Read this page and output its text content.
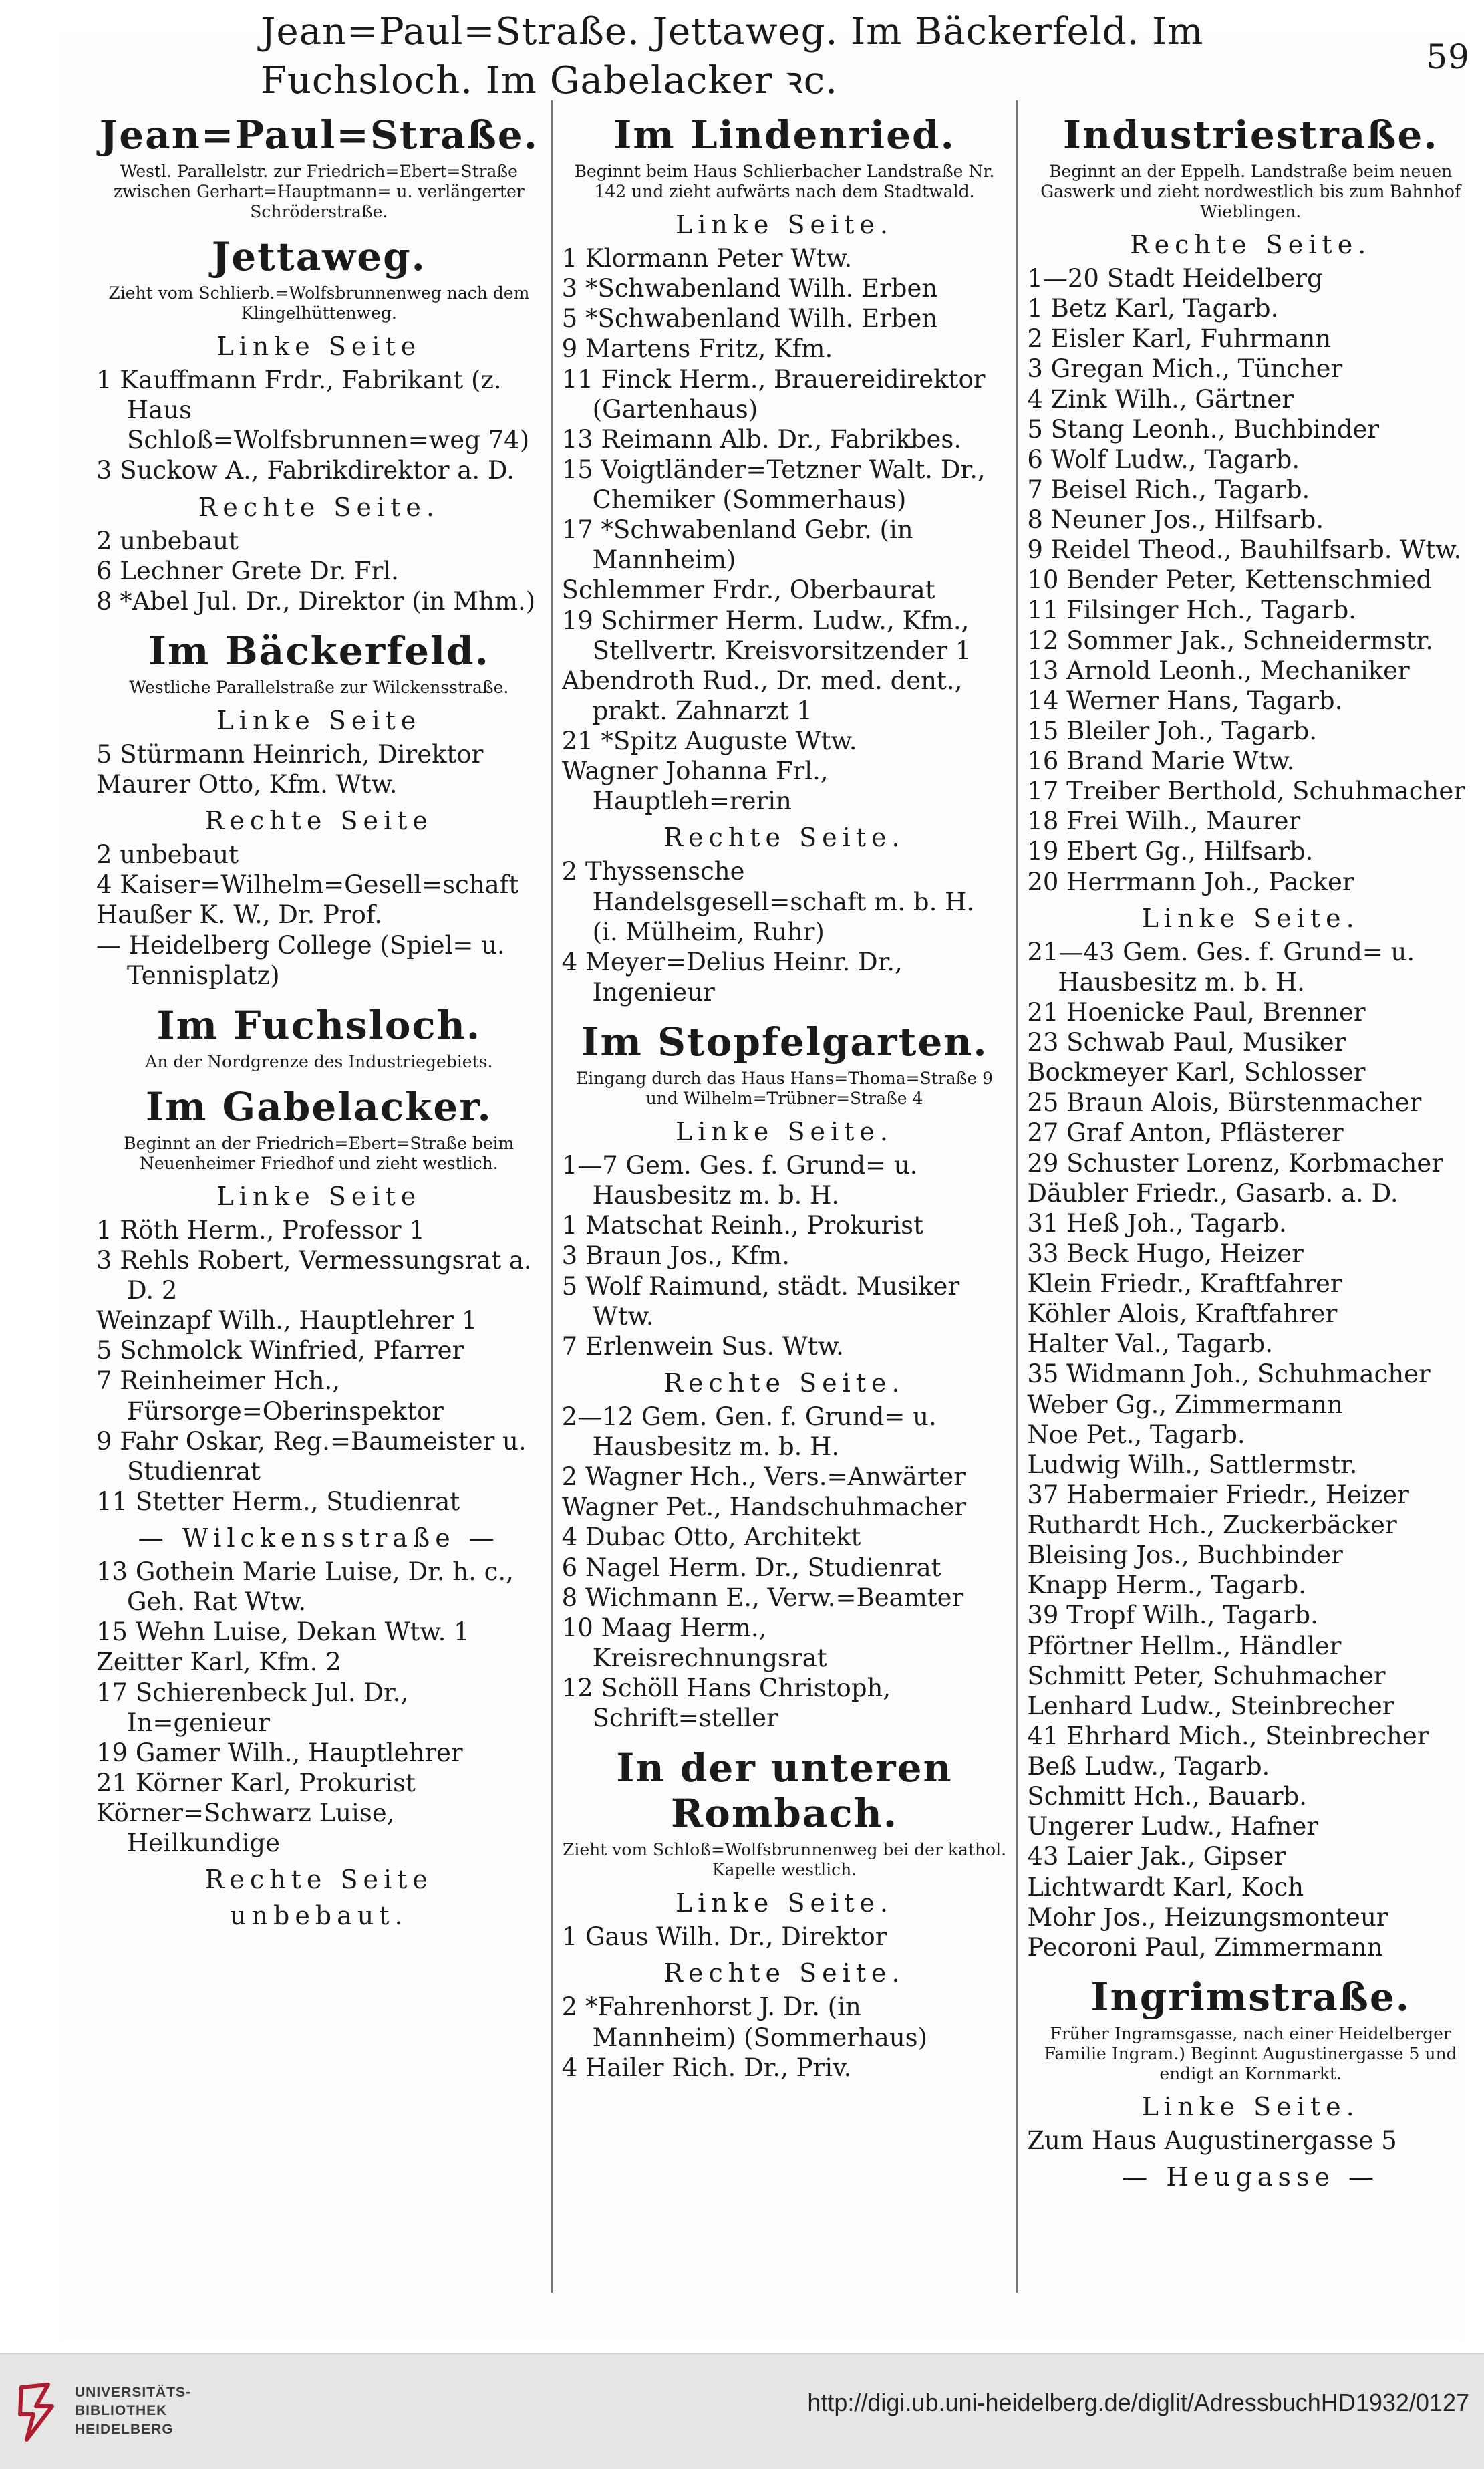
Jean=Paul=Straße. Jettaweg. Im Bäckerfeld. Im Fuchsloch. Im Gabelacker ꝛc.
59
Jean=Paul=Straße.
Westl. Parallelstr. zur Friedrich=Ebert=Straße zwischen Gerhart=Hauptmann= u. verlängerter Schröderstraße.
Jettaweg.
Zieht vom Schlierb.=Wolfsbrunnenweg nach dem Klingelhüttenweg.
Linke Seite
1 Kauffmann Frdr., Fabrikant (z. Haus Schloß=Wolfsbrunnen=weg 74)
3 Suckow A., Fabrikdirektor a. D.
Rechte Seite.
2 unbebaut
6 Lechner Grete Dr. Frl.
8 *Abel Jul. Dr., Direktor (in Mhm.)
Im Bäckerfeld.
Westliche Parallelstraße zur Wilckensstraße.
Linke Seite
5 Stürmann Heinrich, Direktor
Maurer Otto, Kfm. Wtw.
Rechte Seite
2 unbebaut
4 Kaiser=Wilhelm=Gesell=schaft
Haußer K. W., Dr. Prof.
— Heidelberg College (Spiel= u. Tennisplatz)
Im Fuchsloch.
An der Nordgrenze des Industriegebiets.
Im Gabelacker.
Beginnt an der Friedrich=Ebert=Straße beim Neuenheimer Friedhof und zieht westlich.
Linke Seite
1 Röth Herm., Professor 1
3 Rehls Robert, Vermessungsrat a. D. 2
Weinzapf Wilh., Hauptlehrer 1
5 Schmolck Winfried, Pfarrer
7 Reinheimer Hch., Fürsorge=Oberinspektor
9 Fahr Oskar, Reg.=Baumeister u. Studienrat
11 Stetter Herm., Studienrat
— Wilckensstraße —
13 Gothein Marie Luise, Dr. h. c., Geh. Rat Wtw.
15 Wehn Luise, Dekan Wtw. 1
Zeitter Karl, Kfm. 2
17 Schierenbeck Jul. Dr., In=genieur
19 Gamer Wilh., Hauptlehrer
21 Körner Karl, Prokurist
Körner=Schwarz Luise, Heilkundige
Rechte Seite
unbebaut.
Im Lindenried.
Beginnt beim Haus Schlierbacher Landstraße Nr. 142 und zieht aufwärts nach dem Stadtwald.
Linke Seite.
1 Klormann Peter Wtw.
3 *Schwabenland Wilh. Erben
5 *Schwabenland Wilh. Erben
9 Martens Fritz, Kfm.
11 Finck Herm., Brauereidirektor (Gartenhaus)
13 Reimann Alb. Dr., Fabrikbes.
15 Voigtländer=Tetzner Walt. Dr., Chemiker (Sommerhaus)
17 *Schwabenland Gebr. (in Mannheim)
Schlemmer Frdr., Oberbaurat
19 Schirmer Herm. Ludw., Kfm., Stellvertr. Kreisvorsitzender 1
Abendroth Rud., Dr. med. dent., prakt. Zahnarzt 1
21 *Spitz Auguste Wtw.
Wagner Johanna Frl., Hauptleh=rerin
Rechte Seite.
2 Thyssensche Handelsgesell=schaft m. b. H. (i. Mülheim, Ruhr)
4 Meyer=Delius Heinr. Dr., Ingenieur
Im Stopfelgarten.
Eingang durch das Haus Hans=Thoma=Straße 9 und Wilhelm=Trübner=Straße 4
Linke Seite.
1—7 Gem. Ges. f. Grund= u. Hausbesitz m. b. H.
1 Matschat Reinh., Prokurist
3 Braun Jos., Kfm.
5 Wolf Raimund, städt. Musiker Wtw.
7 Erlenwein Sus. Wtw.
Rechte Seite.
2—12 Gem. Gen. f. Grund= u. Hausbesitz m. b. H.
2 Wagner Hch., Vers.=Anwärter
Wagner Pet., Handschuhmacher
4 Dubac Otto, Architekt
6 Nagel Herm. Dr., Studienrat
8 Wichmann E., Verw.=Beamter
10 Maag Herm., Kreisrechnungsrat
12 Schöll Hans Christoph, Schrift=steller
In der unteren Rombach.
Zieht vom Schloß=Wolfsbrunnenweg bei der kathol. Kapelle westlich.
Linke Seite.
1 Gaus Wilh. Dr., Direktor
Rechte Seite.
2 *Fahrenhorst J. Dr. (in Mannheim) (Sommerhaus)
4 Hailer Rich. Dr., Priv.
Industriestraße.
Beginnt an der Eppelh. Landstraße beim neuen Gaswerk und zieht nordwestlich bis zum Bahnhof Wieblingen.
Rechte Seite.
1—20 Stadt Heidelberg
1 Betz Karl, Tagarb.
2 Eisler Karl, Fuhrmann
3 Gregan Mich., Tüncher
4 Zink Wilh., Gärtner
5 Stang Leonh., Buchbinder
6 Wolf Ludw., Tagarb.
7 Beisel Rich., Tagarb.
8 Neuner Jos., Hilfsarb.
9 Reidel Theod., Bauhilfsarb. Wtw.
10 Bender Peter, Kettenschmied
11 Filsinger Hch., Tagarb.
12 Sommer Jak., Schneidermstr.
13 Arnold Leonh., Mechaniker
14 Werner Hans, Tagarb.
15 Bleiler Joh., Tagarb.
16 Brand Marie Wtw.
17 Treiber Berthold, Schuhmacher
18 Frei Wilh., Maurer
19 Ebert Gg., Hilfsarb.
20 Herrmann Joh., Packer
Linke Seite.
21—43 Gem. Ges. f. Grund= u. Hausbesitz m. b. H.
21 Hoenicke Paul, Brenner
23 Schwab Paul, Musiker
Bockmeyer Karl, Schlosser
25 Braun Alois, Bürstenmacher
27 Graf Anton, Pflästerer
29 Schuster Lorenz, Korbmacher
Däubler Friedr., Gasarb. a. D.
31 Heß Joh., Tagarb.
33 Beck Hugo, Heizer
Klein Friedr., Kraftfahrer
Köhler Alois, Kraftfahrer
Halter Val., Tagarb.
35 Widmann Joh., Schuhmacher
Weber Gg., Zimmermann
Noe Pet., Tagarb.
Ludwig Wilh., Sattlermstr.
37 Habermaier Friedr., Heizer
Ruthardt Hch., Zuckerbäcker
Bleising Jos., Buchbinder
Knapp Herm., Tagarb.
39 Tropf Wilh., Tagarb.
Pförtner Hellm., Händler
Schmitt Peter, Schuhmacher
Lenhard Ludw., Steinbrecher
41 Ehrhard Mich., Steinbrecher
Beß Ludw., Tagarb.
Schmitt Hch., Bauarb.
Ungerer Ludw., Hafner
43 Laier Jak., Gipser
Lichtwardt Karl, Koch
Mohr Jos., Heizungsmonteur
Pecoroni Paul, Zimmermann
Ingrimstraße.
Früher Ingramsgasse, nach einer Heidelberger Familie Ingram.) Beginnt Augustinergasse 5 und endigt an Kornmarkt.
Linke Seite.
Zum Haus Augustinergasse 5
— Heugasse —
UNIVERSITÄTS-
BIBLIOTHEK
HEIDELBERG
http://digi.ub.uni-heidelberg.de/diglit/AdressbuchHD1932/0127
